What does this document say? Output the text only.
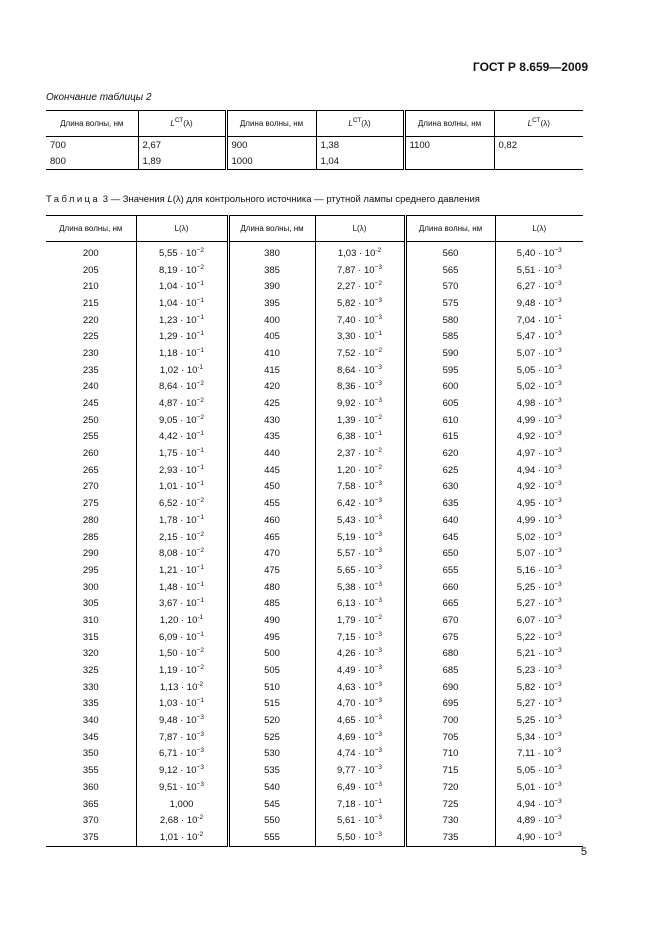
ГОСТ Р 8.659—2009
Окончание таблицы 2
Длина волны, нм	$L^{СТ}(\lambda)$	Длина волны, нм	$L^{СТ}(\lambda)$	Длина волны, нм	$L^{СТ}(\lambda)$
700	2,67	900	1,38	1100	0,82
800	1,89	1000	1,04		
Таблица 3 — Значения L(λ) для контрольного источника — ртутной лампы среднего давления
Длина волны, нм	L(λ)	Длина волны, нм	L(λ)	Длина волны, нм	L(λ)
200	$5,55 \cdot 10^{-2}$	380	$1,03 \cdot 10^{-2}$	560	$5,40 \cdot 10^{-3}$
205	$8,19 \cdot 10^{-2}$	385	$7,87 \cdot 10^{-3}$	565	$5,51 \cdot 10^{-3}$
210	$1,04 \cdot 10^{-1}$	390	$2,27 \cdot 10^{-2}$	570	$6,27 \cdot 10^{-3}$
215	$1,04 \cdot 10^{-1}$	395	$5,82 \cdot 10^{-3}$	575	$9,48 \cdot 10^{-3}$
220	$1,23 \cdot 10^{-1}$	400	$7,40 \cdot 10^{-3}$	580	$7,04 \cdot 10^{-1}$
225	$1,29 \cdot 10^{-1}$	405	$3,30 \cdot 10^{-1}$	585	$5,47 \cdot 10^{-3}$
230	$1,18 \cdot 10^{-1}$	410	$7,52 \cdot 10^{-2}$	590	$5,07 \cdot 10^{-3}$
235	$1,02 \cdot 10^{-1}$	415	$8,64 \cdot 10^{-3}$	595	$5,05 \cdot 10^{-3}$
240	$8,64 \cdot 10^{-2}$	420	$8,36 \cdot 10^{-3}$	600	$5,02 \cdot 10^{-3}$
245	$4,87 \cdot 10^{-2}$	425	$9,92 \cdot 10^{-3}$	605	$4,98 \cdot 10^{-3}$
250	$9,05 \cdot 10^{-2}$	430	$1,39 \cdot 10^{-2}$	610	$4,99 \cdot 10^{-3}$
255	$4,42 \cdot 10^{-1}$	435	$6,38 \cdot 10^{-1}$	615	$4,92 \cdot 10^{-3}$
260	$1,75 \cdot 10^{-1}$	440	$2,37 \cdot 10^{-2}$	620	$4,97 \cdot 10^{-3}$
265	$2,93 \cdot 10^{-1}$	445	$1,20 \cdot 10^{-2}$	625	$4,94 \cdot 10^{-3}$
270	$1,01 \cdot 10^{-1}$	450	$7,58 \cdot 10^{-3}$	630	$4,92 \cdot 10^{-3}$
275	$6,52 \cdot 10^{-2}$	455	$6,42 \cdot 10^{-3}$	635	$4,95 \cdot 10^{-3}$
280	$1,78 \cdot 10^{-1}$	460	$5,43 \cdot 10^{-3}$	640	$4,99 \cdot 10^{-3}$
285	$2,15 \cdot 10^{-2}$	465	$5,19 \cdot 10^{-3}$	645	$5,02 \cdot 10^{-3}$
290	$8,08 \cdot 10^{-2}$	470	$5,57 \cdot 10^{-3}$	650	$5,07 \cdot 10^{-3}$
295	$1,21 \cdot 10^{-1}$	475	$5,65 \cdot 10^{-3}$	655	$5,16 \cdot 10^{-3}$
300	$1,48 \cdot 10^{-1}$	480	$5,38 \cdot 10^{-3}$	660	$5,25 \cdot 10^{-3}$
305	$3,67 \cdot 10^{-1}$	485	$6,13 \cdot 10^{-3}$	665	$5,27 \cdot 10^{-3}$
310	$1,20 \cdot 10^{-1}$	490	$1,79 \cdot 10^{-2}$	670	$6,07 \cdot 10^{-3}$
315	$6,09 \cdot 10^{-1}$	495	$7,15 \cdot 10^{-3}$	675	$5,22 \cdot 10^{-3}$
320	$1,50 \cdot 10^{-2}$	500	$4,26 \cdot 10^{-3}$	680	$5,21 \cdot 10^{-3}$
325	$1,19 \cdot 10^{-2}$	505	$4,49 \cdot 10^{-3}$	685	$5,23 \cdot 10^{-3}$
330	$1,13 \cdot 10^{-2}$	510	$4,63 \cdot 10^{-3}$	690	$5,82 \cdot 10^{-3}$
335	$1,03 \cdot 10^{-1}$	515	$4,70 \cdot 10^{-3}$	695	$5,27 \cdot 10^{-3}$
340	$9,48 \cdot 10^{-3}$	520	$4,65 \cdot 10^{-3}$	700	$5,25 \cdot 10^{-3}$
345	$7,87 \cdot 10^{-3}$	525	$4,69 \cdot 10^{-3}$	705	$5,34 \cdot 10^{-3}$
350	$6,71 \cdot 10^{-3}$	530	$4,74 \cdot 10^{-3}$	710	$7,11 \cdot 10^{-3}$
355	$9,12 \cdot 10^{-3}$	535	$9,77 \cdot 10^{-3}$	715	$5,05 \cdot 10^{-3}$
360	$9,51 \cdot 10^{-3}$	540	$6,49 \cdot 10^{-3}$	720	$5,01 \cdot 10^{-3}$
365	1,000	545	$7,18 \cdot 10^{-1}$	725	$4,94 \cdot 10^{-3}$
370	$2,68 \cdot 10^{-2}$	550	$5,61 \cdot 10^{-3}$	730	$4,89 \cdot 10^{-3}$
375	$1,01 \cdot 10^{-2}$	555	$5,50 \cdot 10^{-3}$	735	$4,90 \cdot 10^{-3}$
5
